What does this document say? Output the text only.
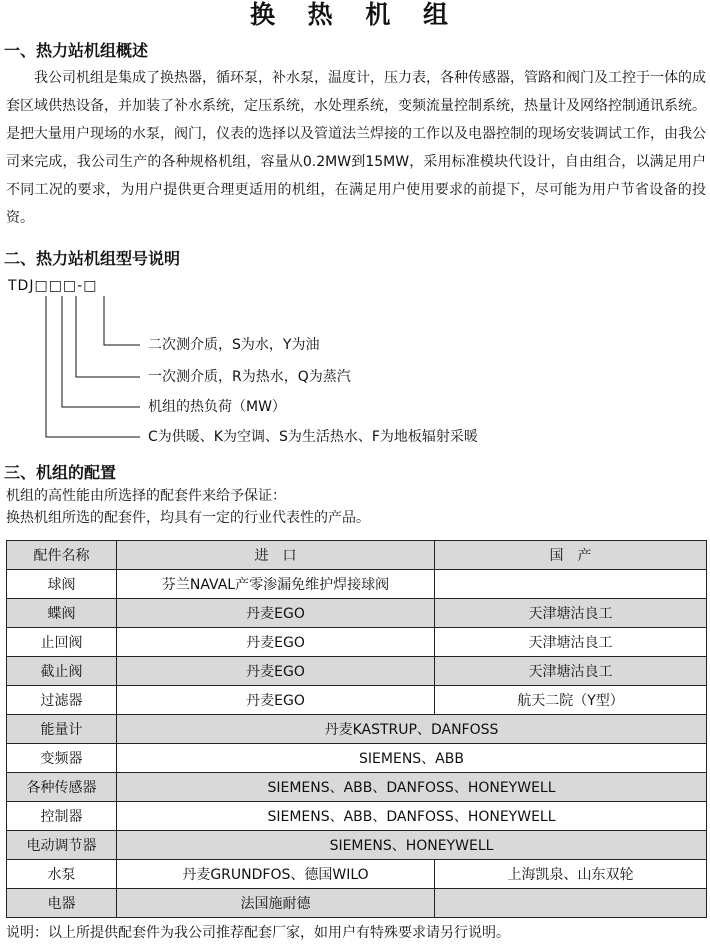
换 热 机 组
一、热力站机组概述
我公司机组是集成了换热器，循环泵，补水泵，温度计，压力表，各种传感器，管路和阀门及工控于一体的成套区域供热设备，并加装了补水系统，定压系统，水处理系统，变频流量控制系统，热量计及网络控制通讯系统。是把大量用户现场的水泵，阀门，仪表的选择以及管道法兰焊接的工作以及电器控制的现场安装调试工作，由我公司来完成，我公司生产的各种规格机组，容量从0.2MW到15MW，采用标准模块代设计，自由组合，以满足用户不同工况的要求，为用户提供更合理更适用的机组，在满足用户使用要求的前提下，尽可能为用户节省设备的投资。
二、热力站机组型号说明
TDJ□□□-□
二次测介质，S为水，Y为油
一次测介质，R为热水，Q为蒸汽
机组的热负荷（MW）
C为供暖、K为空调、S为生活热水、F为地板辐射采暖
三、机组的配置
机组的高性能由所选择的配套件来给予保证：
换热机组所选的配套件，均具有一定的行业代表性的产品。
配件名称	进　口	国　产
球阀	芬兰NAVAL产零渗漏免维护焊接球阀	
蝶阀	丹麦EGO	天津塘沽良工
止回阀	丹麦EGO	天津塘沽良工
截止阀	丹麦EGO	天津塘沽良工
过滤器	丹麦EGO	航天二院（Y型）
能量计	丹麦KASTRUP、DANFOSS	
变频器	SIEMENS、ABB	
各种传感器	SIEMENS、ABB、DANFOSS、HONEYWELL	
控制器	SIEMENS、ABB、DANFOSS、HONEYWELL	
电动调节器	SIEMENS、HONEYWELL	
水泵	丹麦GRUNDFOS、德国WILO	上海凯泉、山东双轮
电器	法国施耐德	
说明：以上所提供配套件为我公司推荐配套厂家，如用户有特殊要求请另行说明。
